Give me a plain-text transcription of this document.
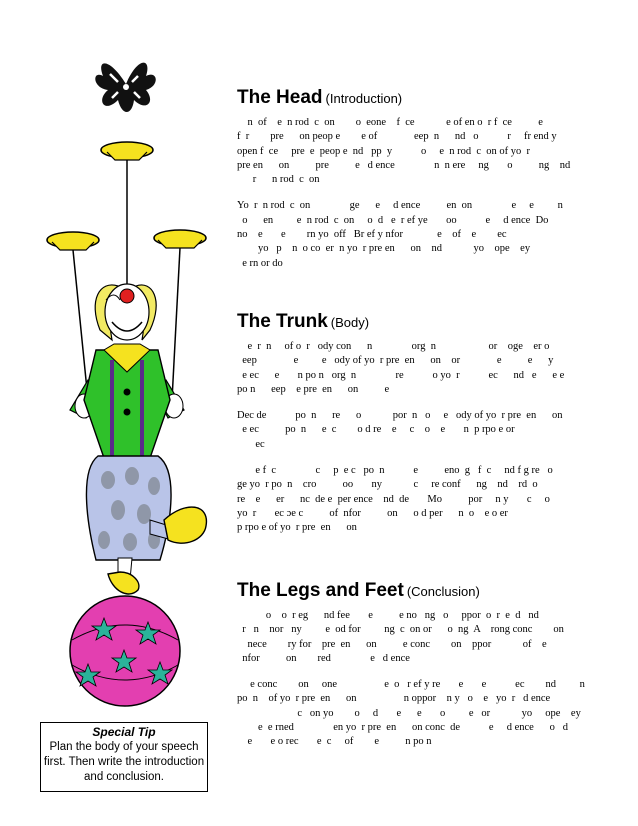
The Head (Introduction)

n  of    e  n rod  c  on        o  eone    f  ce            e of en o  r f  ce          e
f  r        pre      on peop e        e of              eep  n      nd   o           r     fr end y
open f  ce     pre  e  peop e  nd   pp  y           o     e  n rod  c  on of yo  r
pre en      on          pre          e   d ence               n  n ere     ng       o          ng    nd
r      n rod  c  on

Yo  r  n rod  c  on               ge      e     d ence          en  on               e     e         n
o      en         e  n rod  c  on     o  d   e  r ef ye       oo           e     d ence  Do
no    e       e        rn yo  off   Br ef y nfor             e    of    e        ec
yo   p    n  o co  er  n yo  r pre en      on    nd            yo    ope    ey
e rn or do

The Trunk (Body)

e  r  n     of o  r   ody con      n               org  n                    or    oge    er o
eep              e         e   ody of yo  r pre  en      on    or              e          e      y
e ec      e       n po n   org  n               re           o yo  r           ec      nd   e      e e
po n      eep    e pre  en      on          e

Dec de           po  n      re      o            por  n   o     e   ody of yo  r pre  en      on
e ec          po  n      e  c        o d re    e     c    o    e       n  p rpo e or
ec

e f  c               c     p  e c   po  n           e          eno  g   f  c     nd f g re   o
ge yo  r po  n    cro          oo       ny            c     re conf      ng    nd    rd  o
re    e      er      nc  de e  per ence    nd  de       Mo          por     n y       c     o
yo  r       ec ɔe c          of  nfor          on      o d per      n  o    e o er
p rpo e of yo  r pre  en      on

The Legs and Feet (Conclusion)

o    o  r eg      nd fee       e          e no   ng   o     ppor  o  r  e  d   nd
r   n    nor   ny         e  od for         ng  c  on or      o  ng  A    rong conc        on
nece        ry for    pre  en      on          e conc        on    ppor            of    e
nfor          on        red               e   d ence

e conc        on     one                  e  o   r ef y re       e       e           ec        nd         n
po  n    of yo  r pre  en      on                  n oppor    n y   o    e   yo  r   d ence
c   on yo        o     d       e      e       o         e   or            yo     ope    ey
e  e rned               en yo  r pre  en      on conc  de           e     d ence      o   d
e       e o rec       e  c     of        e          n po n

Special Tip
Plan the body of your speech first. Then write the introduction and conclusion.
